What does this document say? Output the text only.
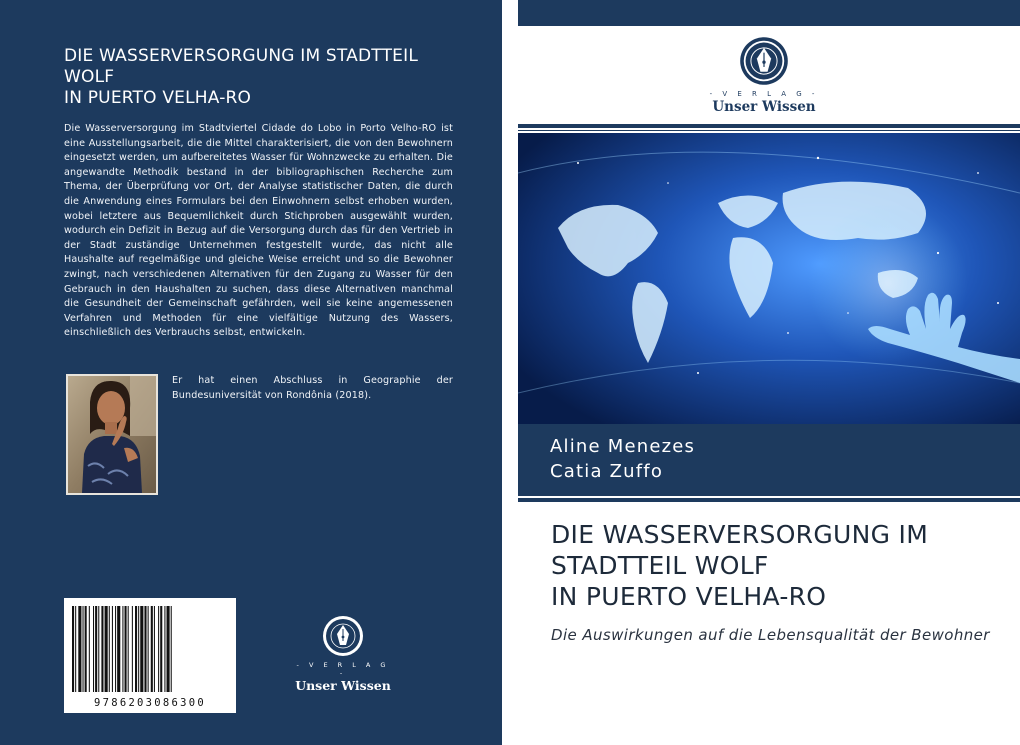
DIE WASSERVERSORGUNG IM STADTTEIL
WOLF
IN PUERTO VELHA-RO
Die Wasserversorgung im Stadtviertel Cidade do Lobo in Porto Velho-RO ist eine Ausstellungsarbeit, die die Mittel charakterisiert, die von den Bewohnern eingesetzt werden, um aufbereitetes Wasser für Wohnzwecke zu erhalten. Die angewandte Methodik bestand in der bibliographischen Recherche zum Thema, der Überprüfung vor Ort, der Analyse statistischer Daten, die durch die Anwendung eines Formulars bei den Einwohnern selbst erhoben wurden, wobei letztere aus Bequemlichkeit durch Stichproben ausgewählt wurden, wodurch ein Defizit in Bezug auf die Versorgung durch das für den Vertrieb in der Stadt zuständige Unternehmen festgestellt wurde, das nicht alle Haushalte auf regelmäßige und gleiche Weise erreicht und so die Bewohner zwingt, nach verschiedenen Alternativen für den Zugang zu Wasser für den Gebrauch in den Haushalten zu suchen, dass diese Alternativen manchmal die Gesundheit der Gemeinschaft gefährden, weil sie keine angemessenen Verfahren und Methoden für eine vielfältige Nutzung des Wassers, einschließlich des Verbrauchs selbst, entwickeln.
Er hat einen Abschluss in Geographie der Bundesuniversität von Rondônia (2018).
9786203086300
- V E R L A G -
Unser Wissen
- V E R L A G -
Unser Wissen
Aline Menezes
Catia Zuffo
DIE WASSERVERSORGUNG IM
STADTTEIL WOLF
IN PUERTO VELHA-RO
Die Auswirkungen auf die Lebensqualität der Bewohner
